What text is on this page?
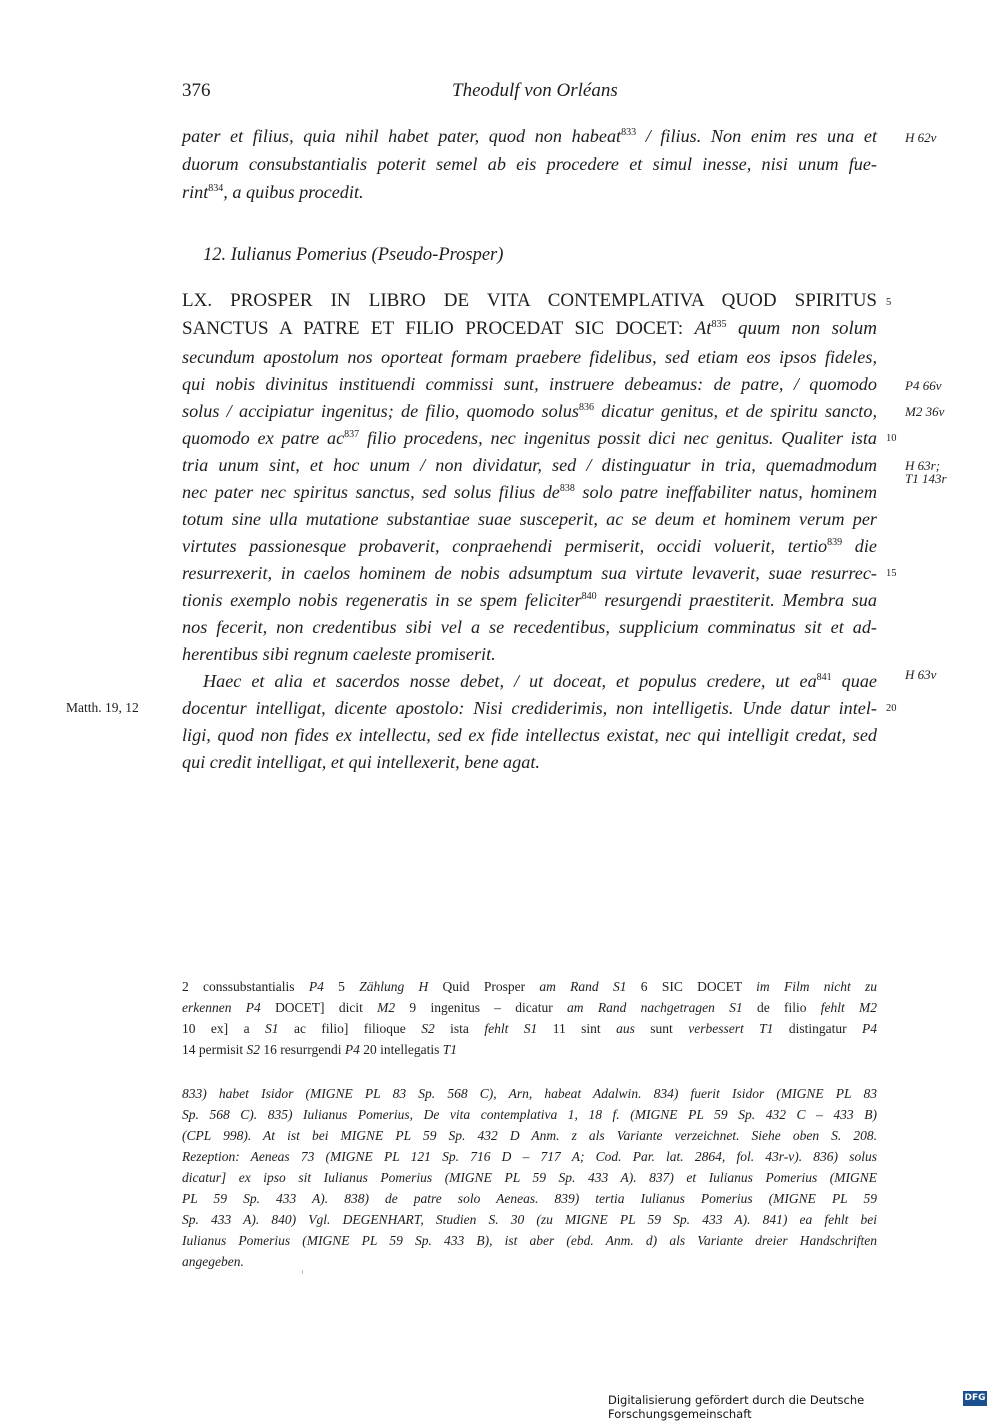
376	Theodulf von Orléans
pater et filius, quia nihil habet pater, quod non habeat$^{833}$ / filius. Non enim res una et
duorum consubstantialis poterit semel ab eis procedere et simul inesse, nisi unum fue-
rint$^{834}$, a quibus procedit.
12. Iulianus Pomerius (Pseudo-Prosper)
LX. PROSPER IN LIBRO DE VITA CONTEMPLATIVA QUOD SPIRITUS
SANCTUS A PATRE ET FILIO PROCEDAT SIC DOCET: At$^{835}$ quum non solum
secundum apostolum nos oporteat formam praebere fidelibus, sed etiam eos ipsos fideles,
qui nobis divinitus instituendi commissi sunt, instruere debeamus: de patre, / quomodo
solus / accipiatur ingenitus; de filio, quomodo solus$^{836}$ dicatur genitus, et de spiritu sancto,
quomodo ex patre $ac^{837}$ filio procedens, nec ingenitus possit dici nec genitus. Qualiter ista
tria unum sint, et hoc unum / non dividatur, sed / distinguatur in tria, quemadmodum
nec pater nec spiritus sanctus, sed solus filius $de^{838}$ solo patre ineffabiliter natus, hominem
totum sine ulla mutatione substantiae suae susceperit, ac se deum et hominem verum per
virtutes passionesque probaverit, conpraehendi permiserit, occidi voluerit, tertio$^{839}$ die
resurrexerit, in caelos hominem de nobis adsumptum sua virtute levaverit, suae resurrec-
tionis exemplo nobis regeneratis in se spem feliciter$^{840}$ resurgendi praestiterit. Membra sua
nos fecerit, non credentibus sibi vel a se recedentibus, supplicium comminatus sit et ad-
herentibus sibi regnum caeleste promiserit.
Haec et alia et sacerdos nosse debet, / ut doceat, et populus credere, ut $ea^{841}$ quae
docentur intelligat, dicente apostolo: Nisi crediderітis, non intelligetis. Unde datur intel-
ligi, quod non fides ex intellectu, sed ex fide intellectus existat, nec qui intelligit credat, sed
qui credit intelligat, et qui intellexerit, bene agat.
H 62v
P4 66v
M2 36v
H 63r;
T1 143r
H 63v
5
10
15
20
Matth. 19, 12
2 conssubstantialis P4 5 Zählung H Quid Prosper am Rand S1 6 SIC DOCET im Film nicht zu
erkennen P4 DOCET] dicit M2 9 ingenitus – dicatur am Rand nachgetragen S1 de filio fehlt M2
10 ex] a S1 ac filio] filioque S2 ista fehlt S1 11 sint aus sunt verbessert T1 distingatur P4
14 permisit S2 16 resurrgendi P4 20 intellegatis T1
833) habet Isidor (MIGNE PL 83 Sp. 568 C), Arn, habeat Adalwin. 834) fuerit Isidor (MIGNE PL 83
Sp. 568 C). 835) Iulianus Pomerius, De vita contemplativa 1, 18 f. (MIGNE PL 59 Sp. 432 C – 433 B)
(CPL 998). At ist bei MIGNE PL 59 Sp. 432 D Anm. z als Variante verzeichnet. Siehe oben S. 208.
Rezeption: Aeneas 73 (MIGNE PL 121 Sp. 716 D – 717 A; Cod. Par. lat. 2864, fol. 43r-v). 836) solus
dicatur] ex ipso sit Iulianus Pomerius (MIGNE PL 59 Sp. 433 A). 837) et Iulianus Pomerius (MIGNE
PL 59 Sp. 433 A). 838) de patre solo Aeneas. 839) tertia Iulianus Pomerius (MIGNE PL 59
Sp. 433 A). 840) Vgl. DEGENHART, Studien S. 30 (zu MIGNE PL 59 Sp. 433 A). 841) ea fehlt bei
Iulianus Pomerius (MIGNE PL 59 Sp. 433 B), ist aber (ebd. Anm. d) als Variante dreier Handschriften
angegeben.
Digitalisierung gefördert durch die Deutsche Forschungsgemeinschaft
DFG
